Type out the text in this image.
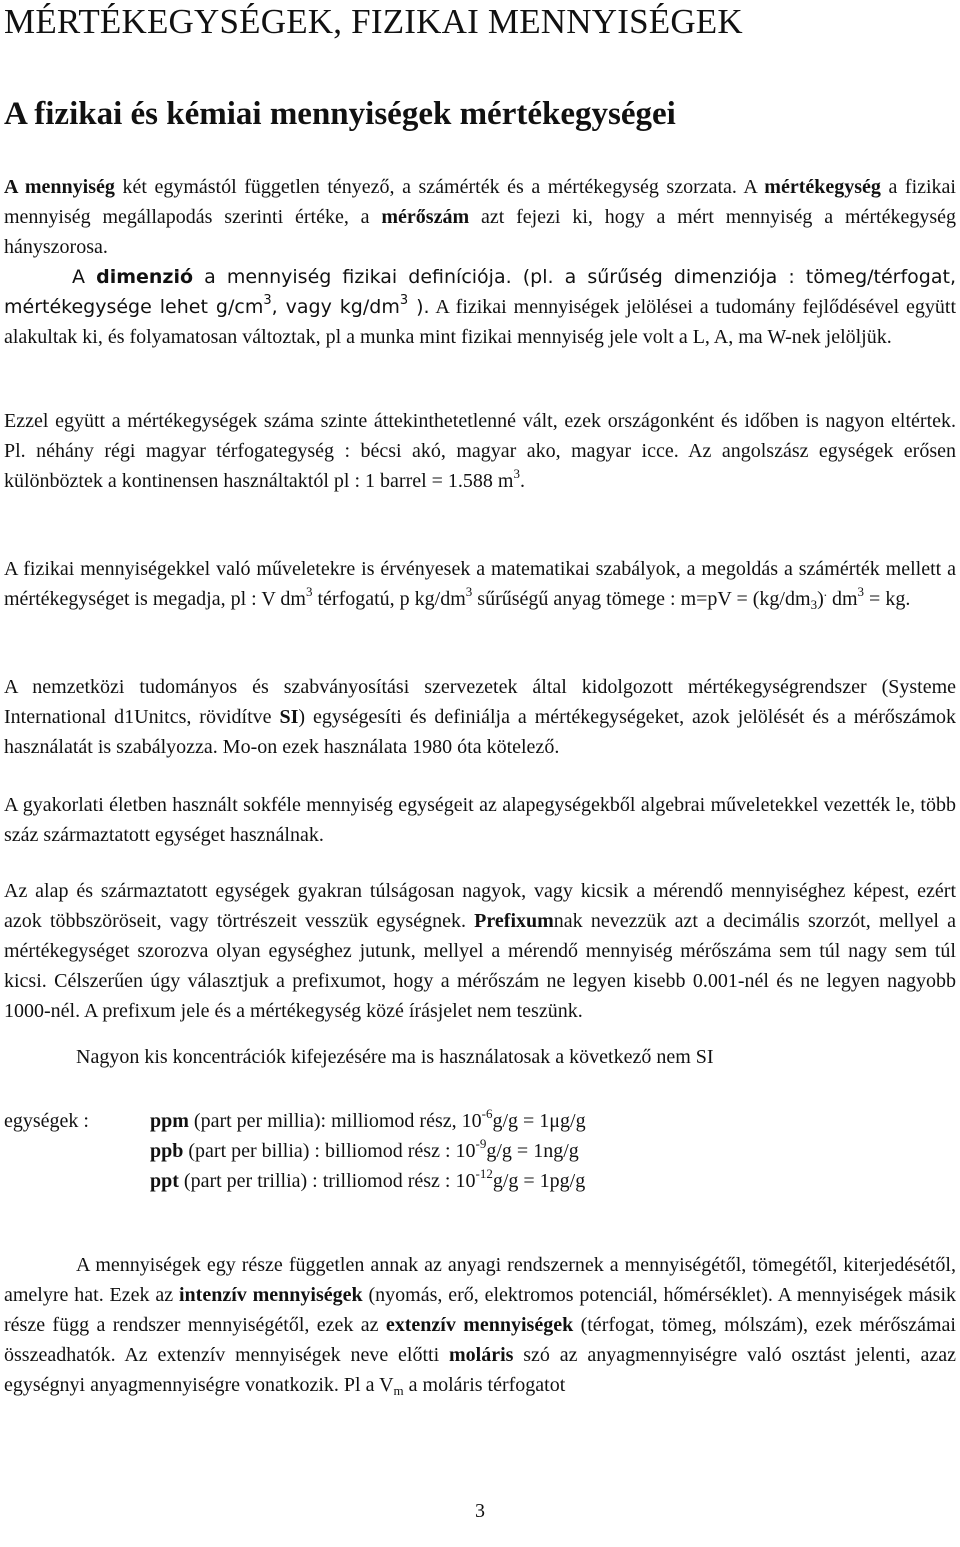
MÉRTÉKEGYSÉGEK, FIZIKAI MENNYISÉGEK
A fizikai és kémiai mennyiségek mértékegységei

A mennyiség két egymástól független tényező, a számérték és a mértékegység szorzata. A mértékegység a fizikai mennyiség megállapodás szerinti értéke, a mérőszám azt fejezi ki, hogy a mért mennyiség a mértékegység hányszorosa.
A dimenzió a mennyiség fizikai definíciója. (pl. a sűrűség dimenziója : tömeg/térfogat, mértékegysége lehet $g/cm^3$, vagy $kg/dm^3$ ). A fizikai mennyiségek jelölései a tudomány fejlődésével együtt alakultak ki, és folyamatosan változtak, pl a munka mint fizikai mennyiség jele volt a L, A, ma W-nek jelöljük.

Ezzel együtt a mértékegységek száma szinte áttekinthetetlenné vált, ezek országonként és időben is nagyon eltértek. Pl. néhány régi magyar térfogategység : bécsi akó, magyar ako, magyar icce. Az angolszász egységek erősen különböztek a kontinensen használtaktól pl : 1 barrel = 1.588 $m^3$.

A fizikai mennyiségekkel való műveletekre is érvényesek a matematikai szabályok, a megoldás a számérték mellett a mértékegységet is megadja, pl : V $dm^3$ térfogatú, p $kg/dm^3$ sűrűségű anyag tömege : $m=pV = (kg/dm_3)^.$ $dm^3$ = kg.

A nemzetközi tudományos és szabványosítási szervezetek által kidolgozott mértékegységrendszer (Systeme International d1Unitcs, rövidítve SI) egységesíti és definiálja a mértékegységeket, azok jelölését és a mérőszámok használatát is szabályozza. Mo-on ezek használata 1980 óta kötelező.

A gyakorlati életben használt sokféle mennyiség egységeit az alapegységekből algebrai műveletekkel vezették le, több száz származtatott egységet használnak.

Az alap és származtatott egységek gyakran túlságosan nagyok, vagy kicsik a mérendő mennyiséghez képest, ezért azok többszöröseit, vagy törtrészeit vesszük egységnek. Prefixumnak nevezzük azt a decimális szorzót, mellyel a mértékegységet szorozva olyan egységhez jutunk, mellyel a mérendő mennyiség mérőszáma sem túl nagy sem túl kicsi. Célszerűen úgy választjuk a prefixumot, hogy a mérőszám ne legyen kisebb 0.001-nél és ne legyen nagyobb 1000-nél. A prefixum jele és a mértékegység közé írásjelet nem teszünk.

Nagyon kis koncentrációk kifejezésére ma is használatosak a következő nem SI

egységek :	ppm (part per millia): milliomod rész, $10^{-6}g/g = 1\mu g/g$
ppb (part per billia) : billiomod rész : $10^{-9}g/g = 1ng/g$
ppt (part per trillia) : trilliomod rész : $10^{-12}g/g = 1pg/g$

A mennyiségek egy része független annak az anyagi rendszernek a mennyiségétől, tömegétől, kiterjedésétől, amelyre hat. Ezek az intenzív mennyiségek (nyomás, erő, elektromos potenciál, hőmérséklet). A mennyiségek másik része függ a rendszer mennyiségétől, ezek az extenzív mennyiségek (térfogat, tömeg, mólszám), ezek mérőszámai összeadhatók. Az extenzív mennyiségek neve előtti moláris szó az anyagmennyiségre való osztást jelenti, azaz egységnyi anyagmennyiségre vonatkozik. Pl a $V_m$ a moláris térfogatot

3
